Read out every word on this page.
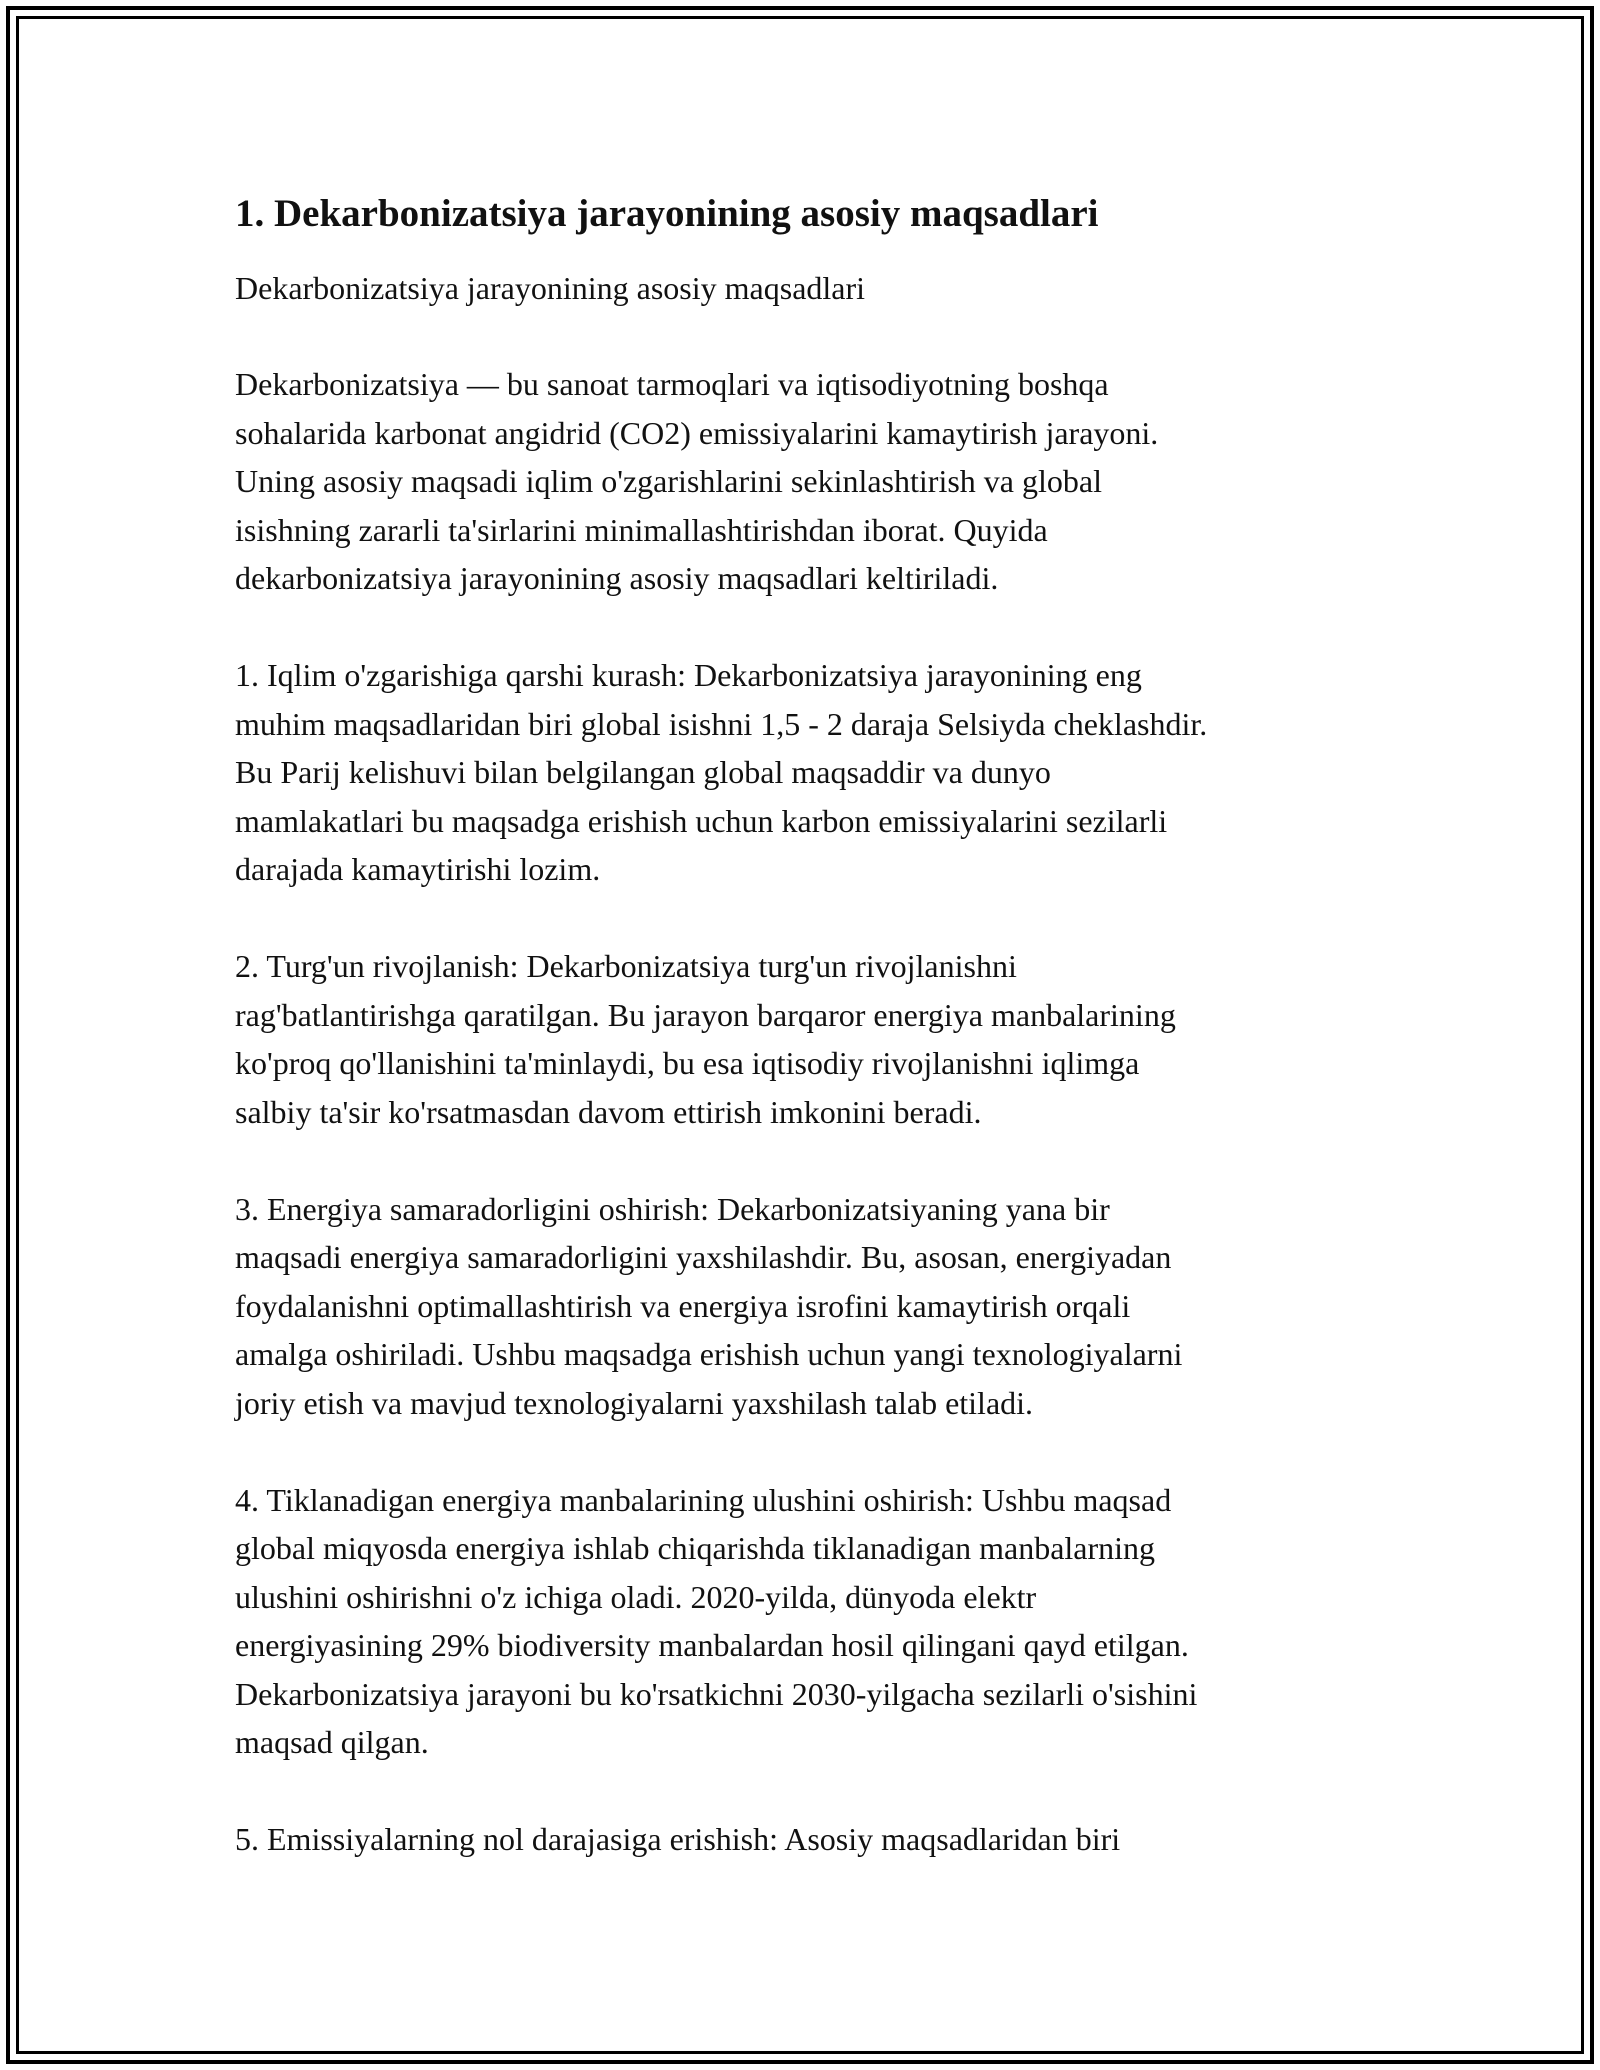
1. Dekarbonizatsiya jarayonining asosiy maqsadlari

Dekarbonizatsiya jarayonining asosiy maqsadlari

Dekarbonizatsiya — bu sanoat tarmoqlari va iqtisodiyotning boshqa
sohalarida karbonat angidrid (CO2) emissiyalarini kamaytirish jarayoni.
Uning asosiy maqsadi iqlim o'zgarishlarini sekinlashtirish va global
isishning zararli ta'sirlarini minimallashtirishdan iborat. Quyida
dekarbonizatsiya jarayonining asosiy maqsadlari keltiriladi.
1. Iqlim o'zgarishiga qarshi kurash: Dekarbonizatsiya jarayonining eng
muhim maqsadlaridan biri global isishni 1,5 - 2 daraja Selsiyda cheklashdir.
Bu Parij kelishuvi bilan belgilangan global maqsaddir va dunyo
mamlakatlari bu maqsadga erishish uchun karbon emissiyalarini sezilarli
darajada kamaytirishi lozim.
2. Turg'un rivojlanish: Dekarbonizatsiya turg'un rivojlanishni
rag'batlantirishga qaratilgan. Bu jarayon barqaror energiya manbalarining
ko'proq qo'llanishini ta'minlaydi, bu esa iqtisodiy rivojlanishni iqlimga
salbiy ta'sir ko'rsatmasdan davom ettirish imkonini beradi.
3. Energiya samaradorligini oshirish: Dekarbonizatsiyaning yana bir
maqsadi energiya samaradorligini yaxshilashdir. Bu, asosan, energiyadan
foydalanishni optimallashtirish va energiya isrofini kamaytirish orqali
amalga oshiriladi. Ushbu maqsadga erishish uchun yangi texnologiyalarni
joriy etish va mavjud texnologiyalarni yaxshilash talab etiladi.
4. Tiklanadigan energiya manbalarining ulushini oshirish: Ushbu maqsad
global miqyosda energiya ishlab chiqarishda tiklanadigan manbalarning
ulushini oshirishni o'z ichiga oladi. 2020-yilda, dünyoda elektr
energiyasining 29% biodiversity manbalardan hosil qilingani qayd etilgan.
Dekarbonizatsiya jarayoni bu ko'rsatkichni 2030-yilgacha sezilarli o'sishini
maqsad qilgan.
5. Emissiyalarning nol darajasiga erishish: Asosiy maqsadlaridan biri
